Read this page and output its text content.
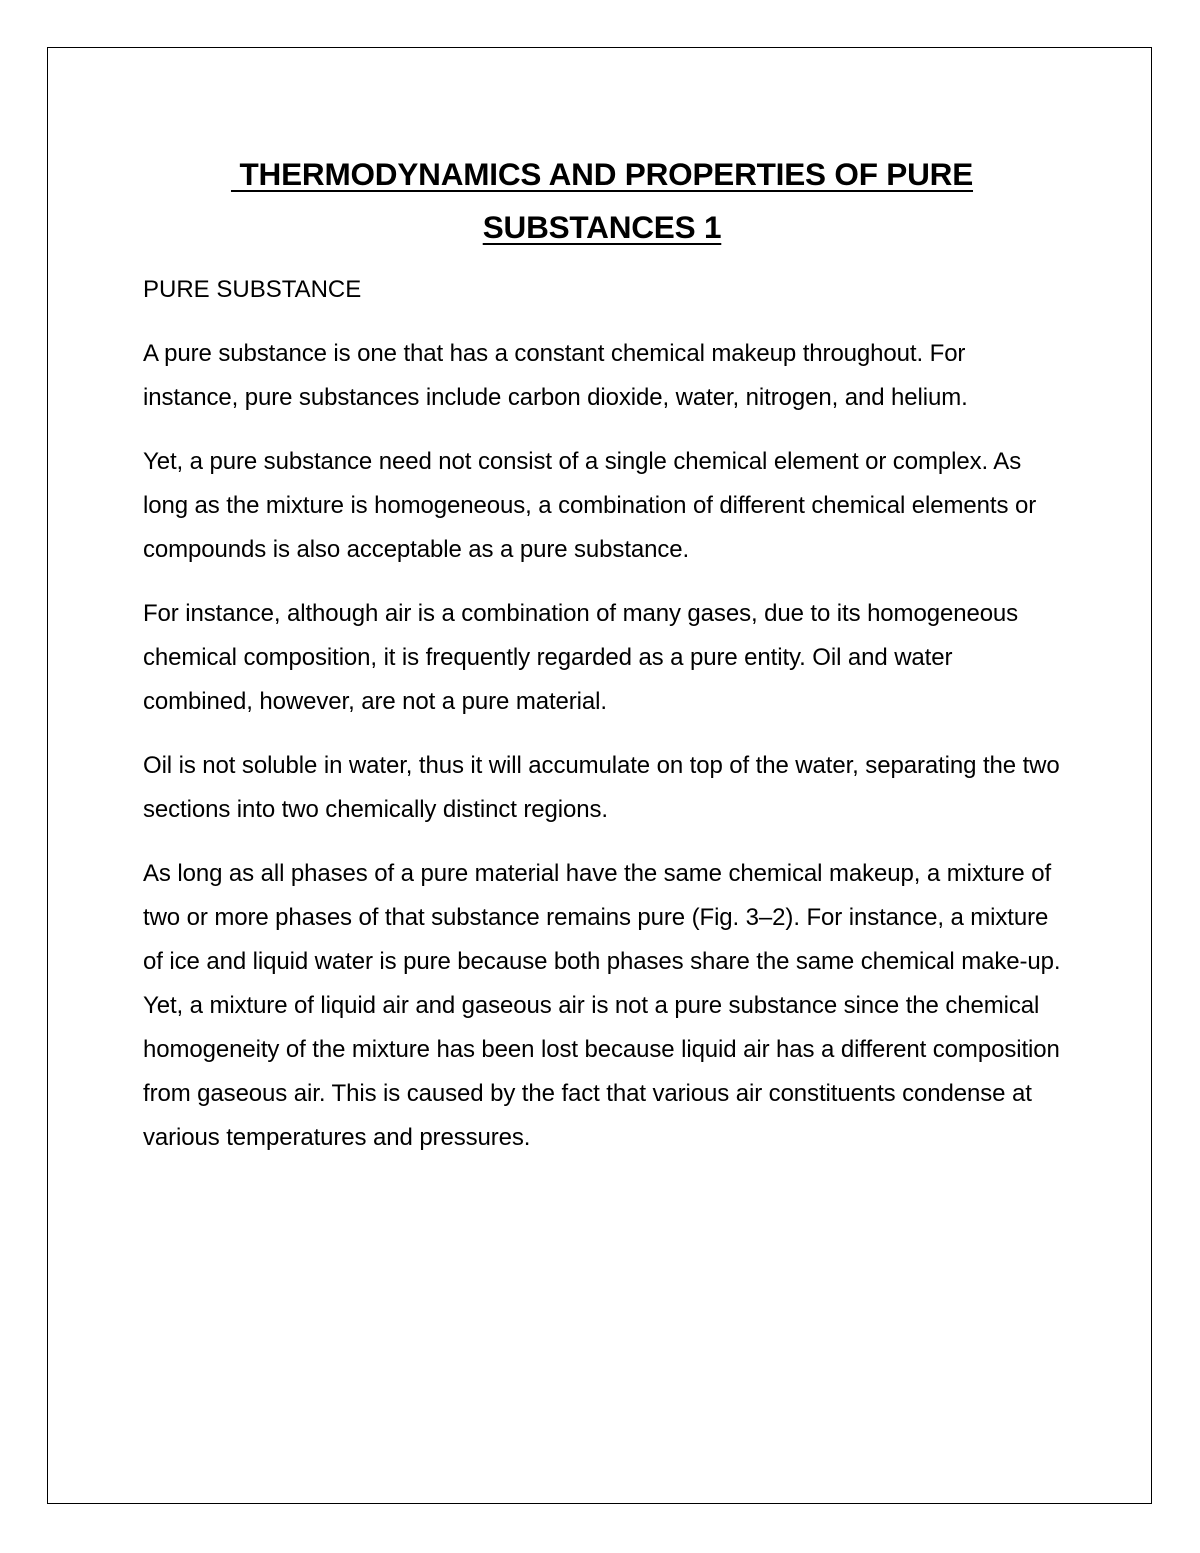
THERMODYNAMICS AND PROPERTIES OF PURE
SUBSTANCES 1

PURE SUBSTANCE

A pure substance is one that has a constant chemical makeup throughout. For instance, pure substances include carbon dioxide, water, nitrogen, and helium.

Yet, a pure substance need not consist of a single chemical element or complex. As long as the mixture is homogeneous, a combination of different chemical elements or compounds is also acceptable as a pure substance.

For instance, although air is a combination of many gases, due to its homogeneous chemical composition, it is frequently regarded as a pure entity. Oil and water combined, however, are not a pure material.

Oil is not soluble in water, thus it will accumulate on top of the water, separating the two sections into two chemically distinct regions.

As long as all phases of a pure material have the same chemical makeup, a mixture of two or more phases of that substance remains pure (Fig. 3–2). For instance, a mixture of ice and liquid water is pure because both phases share the same chemical make-up. Yet, a mixture of liquid air and gaseous air is not a pure substance since the chemical homogeneity of the mixture has been lost because liquid air has a different composition from gaseous air. This is caused by the fact that various air constituents condense at various temperatures and pressures.
